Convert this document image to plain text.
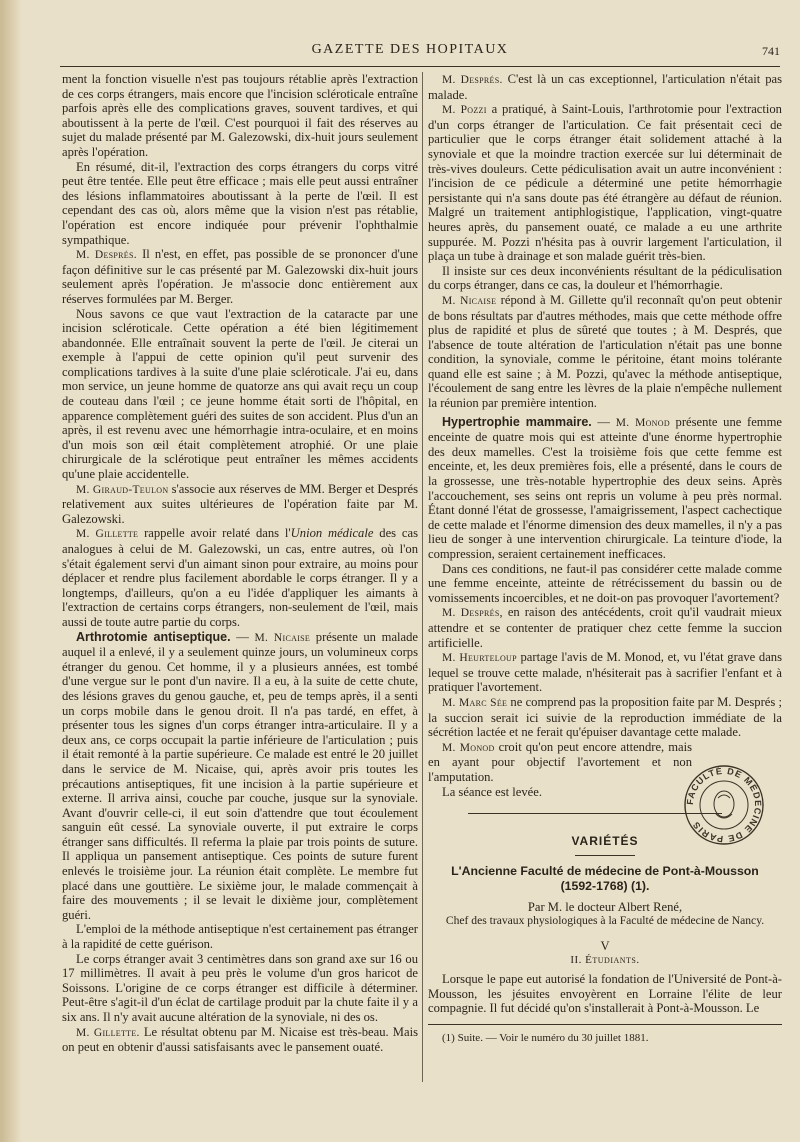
GAZETTE DES HOPITAUX	741

ment la fonction visuelle n'est pas toujours rétablie après l'extraction de ces corps étrangers, mais encore que l'incision scléroticale entraîne parfois après elle des complications graves, souvent tardives, et qui aboutissent à la perte de l'œil. C'est pourquoi il fait des réserves au sujet du malade présenté par M. Galezowski, dix-huit jours seulement après l'opération.

En résumé, dit-il, l'extraction des corps étrangers du corps vitré peut être tentée. Elle peut être efficace ; mais elle peut aussi entraîner des lésions inflammatoires aboutissant à la perte de l'œil. Il est cependant des cas où, alors même que la vision n'est pas rétablie, l'opération est encore indiquée pour prévenir l'ophthalmie sympathique.

M. Després. Il n'est, en effet, pas possible de se prononcer d'une façon définitive sur le cas présenté par M. Galezowski dix-huit jours seulement après l'opération. Je m'associe donc entièrement aux réserves formulées par M. Berger.

Nous savons ce que vaut l'extraction de la cataracte par une incision scléroticale. Cette opération a été bien légitimement abandonnée. Elle entraînait souvent la perte de l'œil. Je citerai un exemple à l'appui de cette opinion qu'il peut survenir des complications tardives à la suite d'une plaie scléroticale. J'ai eu, dans mon service, un jeune homme de quatorze ans qui avait reçu un coup de couteau dans l'œil ; ce jeune homme était sorti de l'hôpital, en apparence complètement guéri des suites de son accident. Plus d'un an après, il est revenu avec une hémorrhagie intra-oculaire, et en moins d'un mois son œil était complètement atrophié. Or une plaie chirurgicale de la sclérotique peut entraîner les mêmes accidents qu'une plaie accidentelle.

M. Giraud-Teulon s'associe aux réserves de MM. Berger et Després relativement aux suites ultérieures de l'opération faite par M. Galezowski.

M. Gillette rappelle avoir relaté dans l'Union médicale des cas analogues à celui de M. Galezowski, un cas, entre autres, où l'on s'était également servi d'un aimant sinon pour extraire, au moins pour déplacer et rendre plus facilement abordable le corps étranger. Il y a longtemps, d'ailleurs, qu'on a eu l'idée d'appliquer les aimants à l'extraction de certains corps étrangers, non-seulement de l'œil, mais aussi de toute autre partie du corps.

Arthrotomie antiseptique. — M. Nicaise présente un malade auquel il a enlevé, il y a seulement quinze jours, un volumineux corps étranger du genou. Cet homme, il y a plusieurs années, est tombé d'une vergue sur le pont d'un navire. Il a eu, à la suite de cette chute, des lésions graves du genou gauche, et, peu de temps après, il a senti un corps mobile dans le genou droit. Il n'a pas tardé, en effet, à présenter tous les signes d'un corps étranger intra-articulaire. Il y a deux ans, ce corps occupait la partie inférieure de l'articulation ; puis il était remonté à la partie supérieure. Ce malade est entré le 20 juillet dans le service de M. Nicaise, qui, après avoir pris toutes les précautions antiseptiques, fit une incision à la partie supérieure et externe. Il arriva ainsi, couche par couche, jusque sur la synoviale. Avant d'ouvrir celle-ci, il eut soin d'attendre que tout écoulement sanguin eût cessé. La synoviale ouverte, il put extraire le corps étranger sans difficultés. Il referma la plaie par trois points de suture. Il appliqua un pansement antiseptique. Ces points de suture furent enlevés le troisième jour. La réunion était complète. Le membre fut placé dans une gouttière. Le sixième jour, le malade commençait à faire des mouvements ; il se levait le dixième jour, complètement guéri.

L'emploi de la méthode antiseptique n'est certainement pas étranger à la rapidité de cette guérison.

Le corps étranger avait 3 centimètres dans son grand axe sur 16 ou 17 millimètres. Il avait à peu près le volume d'un gros haricot de Soissons. L'origine de ce corps étranger est difficile à déterminer. Peut-être s'agit-il d'un éclat de cartilage produit par la chute faite il y a six ans. Il n'y avait aucune altération de la synoviale, ni des os.

M. Gillette. Le résultat obtenu par M. Nicaise est très-beau. Mais on peut en obtenir d'aussi satisfaisants avec le pansement ouaté.

M. Després. C'est là un cas exceptionnel, l'articulation n'était pas malade.

M. Pozzi a pratiqué, à Saint-Louis, l'arthrotomie pour l'extraction d'un corps étranger de l'articulation. Ce fait présentait ceci de particulier que le corps étranger était solidement attaché à la synoviale et que la moindre traction exercée sur lui déterminait de très-vives douleurs. Cette pédiculisation avait un autre inconvénient : l'incision de ce pédicule a déterminé une petite hémorrhagie persistante qui n'a sans doute pas été étrangère au défaut de réunion. Malgré un traitement antiphlogistique, l'application, vingt-quatre heures après, du pansement ouaté, ce malade a eu une arthrite suppurée. M. Pozzi n'hésita pas à ouvrir largement l'articulation, il plaça un tube à drainage et son malade guérit très-bien.

Il insiste sur ces deux inconvénients résultant de la pédiculisation du corps étranger, dans ce cas, la douleur et l'hémorrhagie.

M. Nicaise répond à M. Gillette qu'il reconnaît qu'on peut obtenir de bons résultats par d'autres méthodes, mais que cette méthode offre plus de rapidité et plus de sûreté que toutes ; à M. Després, que l'absence de toute altération de l'articulation n'était pas une bonne condition, la synoviale, comme le péritoine, étant moins tolérante quand elle est saine ; à M. Pozzi, qu'avec la méthode antiseptique, l'écoulement de sang entre les lèvres de la plaie n'empêche nullement la réunion par première intention.

Hypertrophie mammaire. — M. Monod présente une femme enceinte de quatre mois qui est atteinte d'une énorme hypertrophie des deux mamelles. C'est la troisième fois que cette femme est enceinte, et, les deux premières fois, elle a présenté, dans le cours de la grossesse, une très-notable hypertrophie des deux seins. Après l'accouchement, ses seins ont repris un volume à peu près normal. Étant donné l'état de grossesse, l'amaigrissement, l'aspect cachectique de cette malade et l'énorme dimension des deux mamelles, il n'y a pas lieu de songer à une intervention chirurgicale. La teinture d'iode, la compression, seraient certainement inefficaces.

Dans ces conditions, ne faut-il pas considérer cette malade comme une femme enceinte, atteinte de rétrécissement du bassin ou de vomissements incoercibles, et ne doit-on pas provoquer l'avortement?

M. Després, en raison des antécédents, croit qu'il vaudrait mieux attendre et se contenter de pratiquer chez cette femme la succion artificielle.

M. Heurteloup partage l'avis de M. Monod, et, vu l'état grave dans lequel se trouve cette malade, n'hésiterait pas à sacrifier l'enfant et à pratiquer l'avortement.

M. Marc Sée ne comprend pas la proposition faite par M. Després ; la succion serait ici suivie de la reproduction immédiate de la sécrétion lactée et ne ferait qu'épuiser davantage cette malade.

M. Monod croit qu'on peut encore attendre, mais en ayant pour objectif l'avortement et non l'amputation.

La séance est levée.

VARIÉTÉS
L'Ancienne Faculté de médecine de Pont-à-Mousson
(1592-1768) (1).
Par M. le docteur Albert René,
Chef des travaux physiologiques à la Faculté de médecine de Nancy.
V
II. Étudiants.

Lorsque le pape eut autorisé la fondation de l'Université de Pont-à-Mousson, les jésuites envoyèrent en Lorraine l'élite de leur compagnie. Il fut décidé qu'on s'installerait à Pont-à-Mousson. Le

(1) Suite. — Voir le numéro du 30 juillet 1881.
FACULTÉ DE MÉDECINE DE PARIS
